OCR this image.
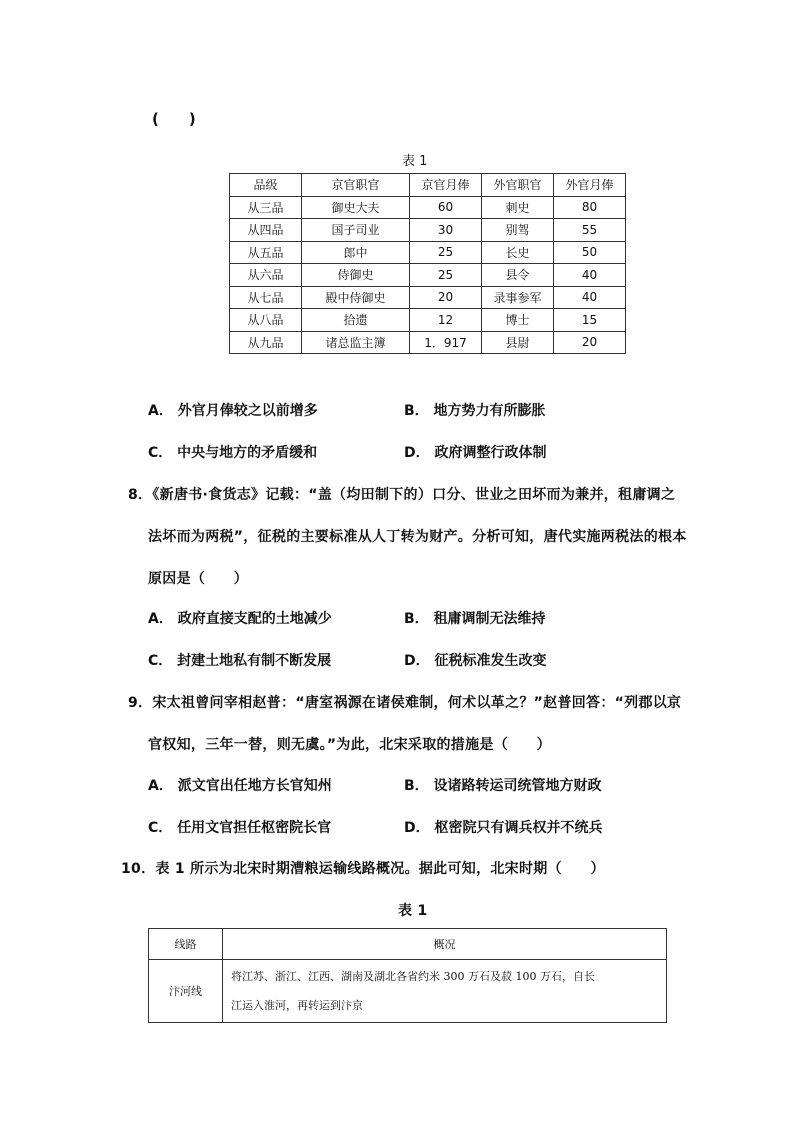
(　　)
表 1
品级	京官职官	京官月俸	外官职官	外官月俸
从三品	御史大夫	60	刺史	80
从四品	国子司业	30	别驾	55
从五品	郎中	25	长史	50
从六品	侍御史	25	县令	40
从七品	殿中侍御史	20	录事参军	40
从八品	拾遗	12	博士	15
从九品	诸总监主簿	1．917	县尉	20
A． 外官月俸较之以前增多	B． 地方势力有所膨胀
C． 中央与地方的矛盾缓和	D． 政府调整行政体制
8．《新唐书·食货志》记载：“盖（均田制下的）口分、世业之田坏而为兼并，租庸调之
法坏而为两税”，征税的主要标准从人丁转为财产。分析可知，唐代实施两税法的根本
原因是（　　）
A． 政府直接支配的土地减少	B． 租庸调制无法维持
C． 封建土地私有制不断发展	D． 征税标准发生改变
9．宋太祖曾问宰相赵普：“唐室祸源在诸侯难制，何术以革之？”赵普回答：“列郡以京
官权知，三年一替，则无虞。”为此，北宋采取的措施是（　　）
A． 派文官出任地方长官知州	B． 设诸路转运司统管地方财政
C． 任用文官担任枢密院长官	D． 枢密院只有调兵权并不统兵
10．表 1 所示为北宋时期漕粮运输线路概况。据此可知，北宋时期（　　）
表 1
线路	概况
汴河线	将江苏、浙江、江西、湖南及湖北各省约米 300 万石及菽 100 万石，自长
江运入淮河，再转运到汴京
